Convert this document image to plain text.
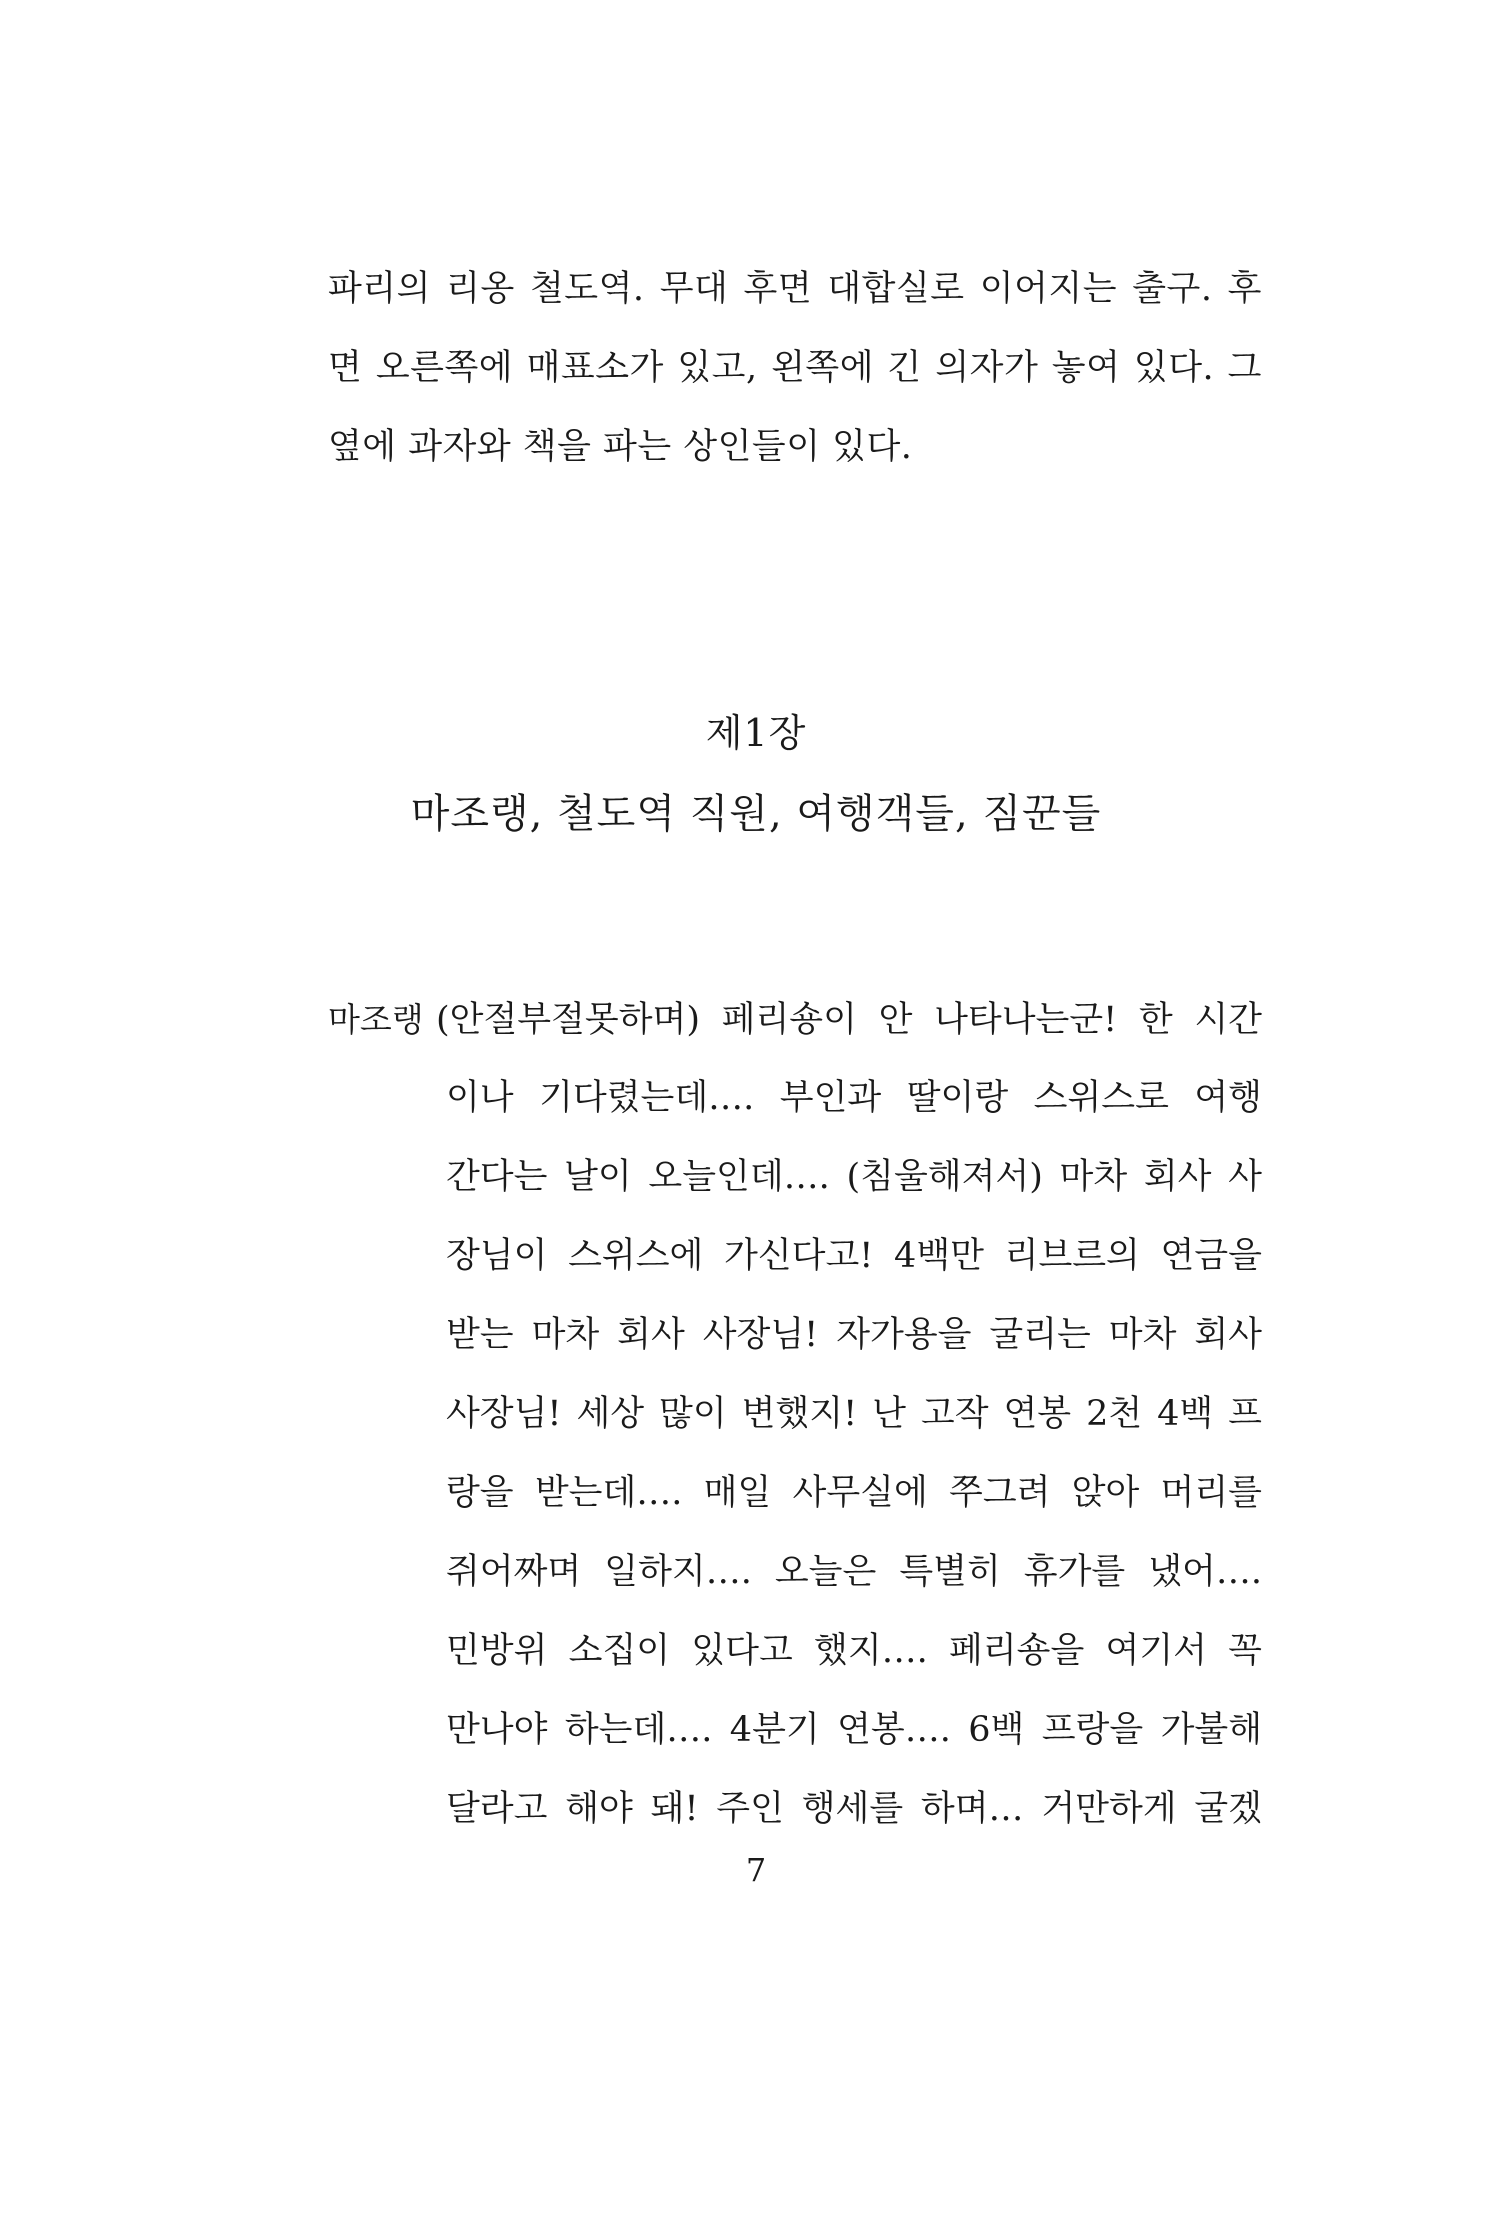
파리의 리옹 철도역. 무대 후면 대합실로 이어지는 출구. 후
면 오른쪽에 매표소가 있고, 왼쪽에 긴 의자가 놓여 있다. 그
옆에 과자와 책을 파는 상인들이 있다.
제1장
마조랭, 철도역 직원, 여행객들, 짐꾼들
마조랭 (안절부절못하며) 페리숑이 안 나타나는군! 한 시간
이나 기다렸는데…. 부인과 딸이랑 스위스로 여행
간다는 날이 오늘인데…. (침울해져서) 마차 회사 사
장님이 스위스에 가신다고! 4백만 리브르의 연금을
받는 마차 회사 사장님! 자가용을 굴리는 마차 회사
사장님! 세상 많이 변했지! 난 고작 연봉 2천 4백 프
랑을 받는데…. 매일 사무실에 쭈그려 앉아 머리를
쥐어짜며 일하지…. 오늘은 특별히 휴가를 냈어….
민방위 소집이 있다고 했지…. 페리숑을 여기서 꼭
만나야 하는데…. 4분기 연봉…. 6백 프랑을 가불해
달라고 해야 돼! 주인 행세를 하며… 거만하게 굴겠
7
